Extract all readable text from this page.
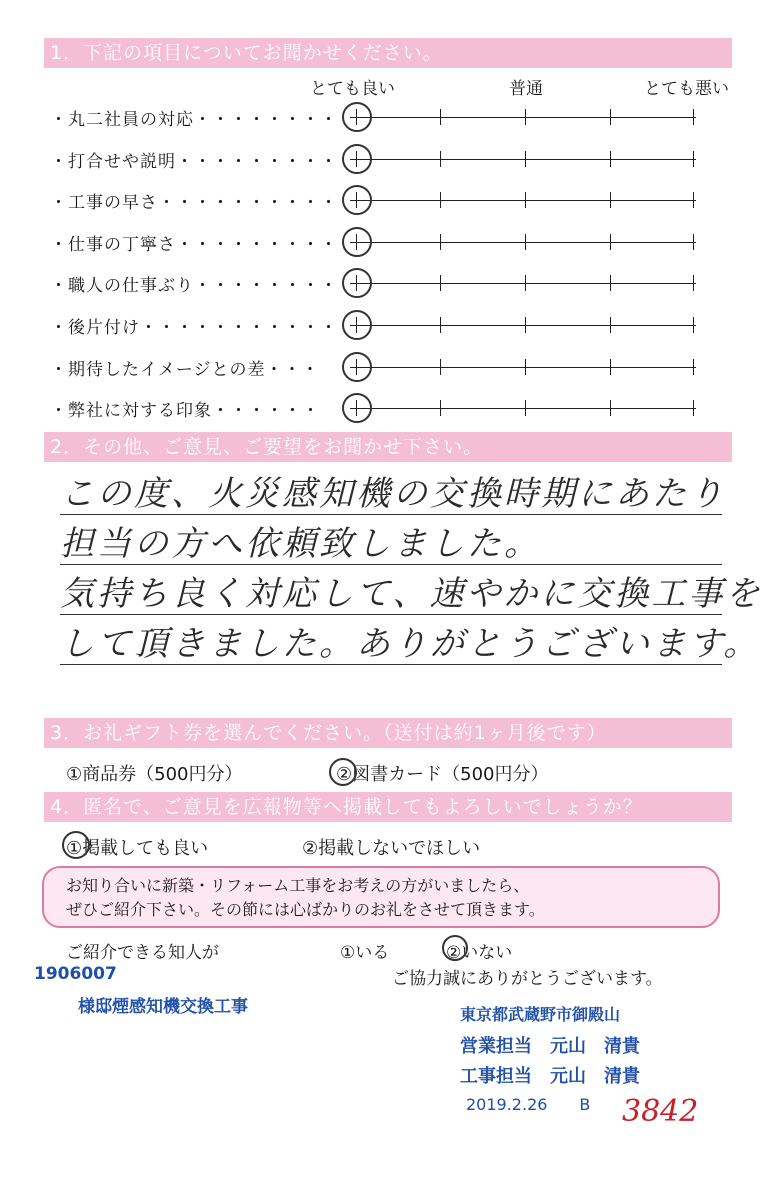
1．下記の項目についてお聞かせください。
とても良い	普通	とても悪い
・丸二社員の対応・・・・・・・・
・打合せや説明・・・・・・・・・
・工事の早さ・・・・・・・・・・
・仕事の丁寧さ・・・・・・・・・
・職人の仕事ぶり・・・・・・・・
・後片付け・・・・・・・・・・・
・期待したイメージとの差・・・
・弊社に対する印象・・・・・・
2．その他、ご意見、ご要望をお聞かせ下さい。
この度、火災感知機の交換時期にあたり
担当の方へ依頼致しました。
気持ち良く対応して、速やかに交換工事を
して頂きました。ありがとうございます。
3．お礼ギフト券を選んでください。（送付は約1ヶ月後です）
①商品券（500円分）	②図書カード（500円分）
4．匿名で、ご意見を広報物等へ掲載してもよろしいでしょうか？
①掲載しても良い	②掲載しないでほしい
お知り合いに新築・リフォーム工事をお考えの方がいましたら、
ぜひご紹介下さい。その節には心ばかりのお礼をさせて頂きます。
ご紹介できる知人が	①いる	②いない
ご協力誠にありがとうございます。
1906007
様邸煙感知機交換工事	東京都武蔵野市御殿山
営業担当　元山　清貴
工事担当　元山　清貴
2019.2.26　　B 3842
